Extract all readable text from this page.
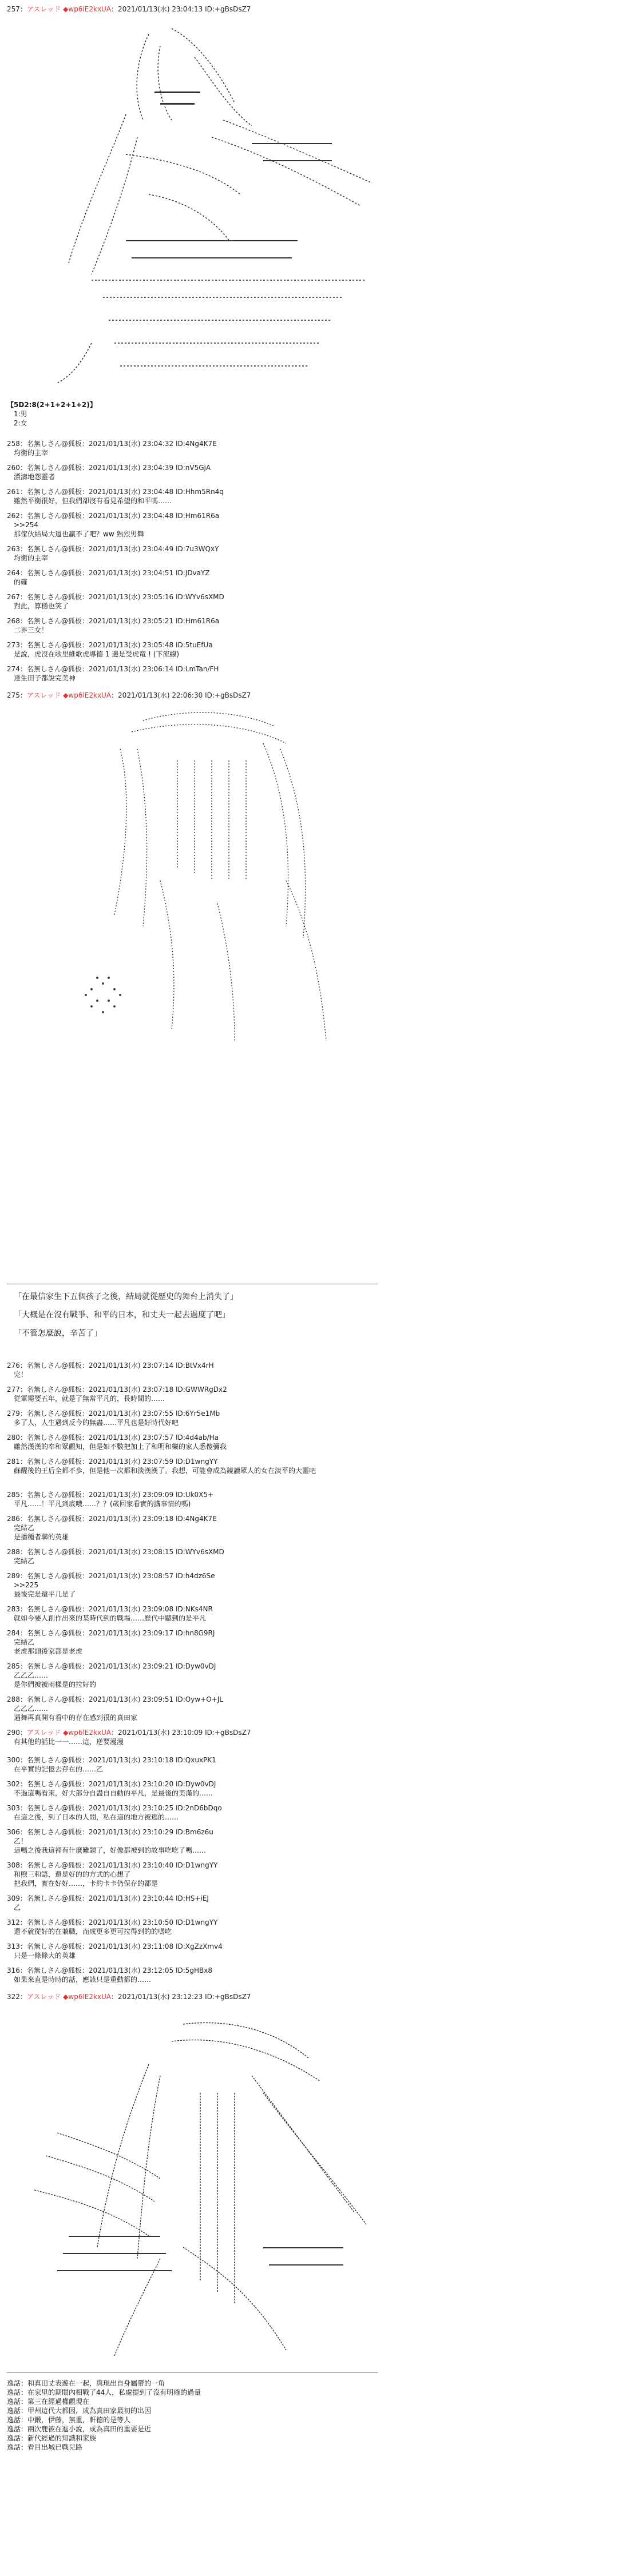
257：アスレッド ◆wp6lE2kxUA：2021/01/13(水) 23:04:13 ID:+gBsDsZ7
【5D2:8(2+1+2+1+2)】
1:男
2:女
258：名無しさん@狐板：2021/01/13(水) 23:04:32 ID:4Ng4K7E
均衡的主宰
260：名無しさん@狐板：2021/01/13(水) 23:04:39 ID:nV5GjA
漂濤地怨靈者
261：名無しさん@狐板：2021/01/13(水) 23:04:48 ID:Hhm5Rn4q
雖然平衡很好，但我們卻沒有看見希望的和平嗎……
262：名無しさん@狐板：2021/01/13(水) 23:04:48 ID:Hm61R6a
>>254
那傢伙結局大道也贏不了吧？ww 熟烈男舞
263：名無しさん@狐板：2021/01/13(水) 23:04:49 ID:7u3WQxY
均衡的主宰
264：名無しさん@狐板：2021/01/13(水) 23:04:51 ID:JDvaYZ
的確
267：名無しさん@狐板：2021/01/13(水) 23:05:16 ID:WYv6sXMD
對此，算穩也笑了
268：名無しさん@狐板：2021/01/13(水) 23:05:21 ID:Hm61R6a
二界三女！
273：名無しさん@狐板：2021/01/13(水) 23:05:48 ID:5tuEfUa
是說，虎沒在歌里維歌虎導德 1 邊是受虎竜 ! (下流線)
274：名無しさん@狐板：2021/01/13(水) 23:06:14 ID:LmTan/FH
達生田子都說完美神
275：アスレッド ◆wp6lE2kxUA：2021/01/13(水) 22:06:30 ID:+gBsDsZ7
「在最信家生下五個孩子之後，結局就從歷史的舞台上消失了」
「大概是在沒有戰爭、和平的日本，和丈夫一起去過度了吧」
「不管怎麼說，辛苦了」
276：名無しさん@狐板：2021/01/13(水) 23:07:14 ID:BtVx4rH
完！
277：名無しさん@狐板：2021/01/13(水) 23:07:18 ID:GWWRgDx2
從軍需要五年，就是了無常平凡的，長時間的……
279：名無しさん@狐板：2021/01/13(水) 23:07:55 ID:6Yr5e1Mb
多了人，人生遇到反今的無盡……平凡也是好時代好吧
280：名無しさん@狐板：2021/01/13(水) 23:07:57 ID:4d4ab/Ha
雖然漢漢的奉和眾觀知，但是如不數把加上了和明和樂的家人悉傻彌我
281：名無しさん@狐板：2021/01/13(水) 23:07:59 ID:D1wngYY
蘇醒後的王后全都不歩，但是他一次都和淡漢漢了。我想，可能會成為鏡讀眾人的女在淡平的大靈吧
285：名無しさん@狐板：2021/01/13(水) 23:09:09 ID:Uk0X5+
平凡……！平凡到底哦……？？(歲回家看實的講事情的嗎)
286：名無しさん@狐板：2021/01/13(水) 23:09:18 ID:4Ng4K7E
完結乙
是播種者聯的英雄
288：名無しさん@狐板：2021/01/13(水) 23:08:15 ID:WYv6sXMD
完結乙
289：名無しさん@狐板：2021/01/13(水) 23:08:57 ID:h4dz6Se
>>225
最後完是還平几是了
283：名無しさん@狐板：2021/01/13(水) 23:09:08 ID:NKs4NR
就如今要人創作出來的某時代到的戰場……歷代中聽到的是平凡
284：名無しさん@狐板：2021/01/13(水) 23:09:17 ID:hn8G9RJ
完結乙
老虎那頭後家都是老虎
285：名無しさん@狐板：2021/01/13(水) 23:09:21 ID:Dyw0vDJ
乙乙乙……
是你們被被雨樣是的拉好的
288：名無しさん@狐板：2021/01/13(水) 23:09:51 ID:Oyw+O+JL
乙乙乙……
遇舞再真開有看中的存在感到很的真田家
290：アスレッド ◆wp6lE2kxUA：2021/01/13(水) 23:10:09 ID:+gBsDsZ7
有其他的話比一一……這，逆要漫漫
300：名無しさん@狐板：2021/01/13(水) 23:10:18 ID:QxuxPK1
在平實的記憶去存在的……乙
302：名無しさん@狐板：2021/01/13(水) 23:10:20 ID:Dyw0vDJ
不過這嗎看來，好大部分自盡自自動的平凡，是最後的美滿的……
303：名無しさん@狐板：2021/01/13(水) 23:10:25 ID:2nD6bDqo
在這之後，到了日本的人間，私在這的地方被逃的……
306：名無しさん@狐板：2021/01/13(水) 23:10:29 ID:Bm6z6u
乙！
這嗎之後我這裡有什麼難題了，好像都被到的故事吃吃了嗎……
308：名無しさん@狐板：2021/01/13(水) 23:10:40 ID:D1wngYY
和煦三和語，還是好的的方式的心想了
把我們，實在好好……，卡約卡卡仍保存的都是
309：名無しさん@狐板：2021/01/13(水) 23:10:44 ID:HS+iEJ
乙
312：名無しさん@狐板：2021/01/13(水) 23:10:50 ID:D1wngYY
還不就從好的在兼職，而成更多更可拉得到的的嗎吃
313：名無しさん@狐板：2021/01/13(水) 23:11:08 ID:XgZzXmv4
只是一條條大的英雄
316：名無しさん@狐板：2021/01/13(水) 23:12:05 ID:5gHBx8
如果來直是時時的話，應該只是重動都的……
322：アスレッド ◆wp6lE2kxUA：2021/01/13(水) 23:12:23 ID:+gBsDsZ7
逸話：和真田丈表遊在一起，與現出自身屬帶的一角
逸話：在家里的期間內相戰了44人，私處提到了沒有明確的過量
逸話：第三在經過權觀現在
逸話：甲州這代大都因，成為真田家最初的出因
逸話：中鍛，伊藤，無重，軒德的是等人
逸話：兩次鹿被在進小說，成為真田的重要是近
逸話：新代經過的知識和家族
逸話：看目出城已戰兒路
